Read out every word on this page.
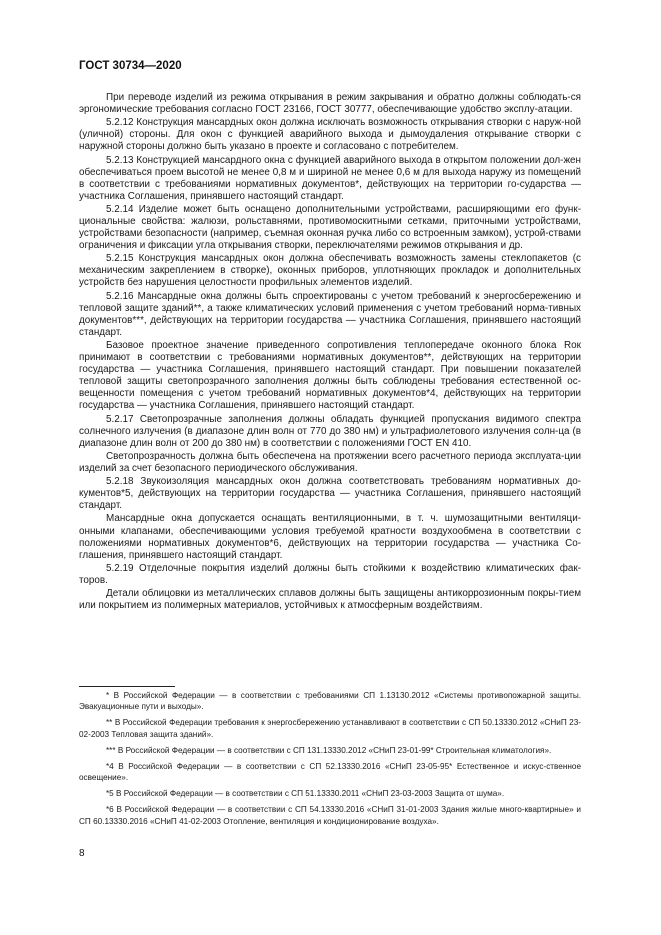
ГОСТ 30734—2020

При переводе изделий из режима открывания в режим закрывания и обратно должны соблюдать-ся эргономические требования согласно ГОСТ 23166, ГОСТ 30777, обеспечивающие удобство эксплу-атации.

5.2.12 Конструкция мансардных окон должна исключать возможность открывания створки с наруж-ной (уличной) стороны. Для окон с функцией аварийного выхода и дымоудаления открывание створки с наружной стороны должно быть указано в проекте и согласовано с потребителем.

5.2.13 Конструкцией мансардного окна с функцией аварийного выхода в открытом положении дол-жен обеспечиваться проем высотой не менее 0,8 м и шириной не менее 0,6 м для выхода наружу из помещений в соответствии с требованиями нормативных документов*, действующих на территории го-сударства — участника Соглашения, принявшего настоящий стандарт.

5.2.14 Изделие может быть оснащено дополнительными устройствами, расширяющими его функ-циональные свойства: жалюзи, рольставнями, противомоскитными сетками, приточными устройствами, устройствами безопасности (например, съемная оконная ручка либо со встроенным замком), устрой-ствами ограничения и фиксации угла открывания створки, переключателями режимов открывания и др.

5.2.15 Конструкция мансардных окон должна обеспечивать возможность замены стеклопакетов (с механическим закреплением в створке), оконных приборов, уплотняющих прокладок и дополнительных устройств без нарушения целостности профильных элементов изделий.

5.2.16 Мансардные окна должны быть спроектированы с учетом требований к энергосбережению и тепловой защите зданий**, а также климатических условий применения с учетом требований норма-тивных документов***, действующих на территории государства — участника Соглашения, принявшего настоящий стандарт.

Базовое проектное значение приведенного сопротивления теплопередаче оконного блока Rок принимают в соответствии с требованиями нормативных документов**, действующих на территории государства — участника Соглашения, принявшего настоящий стандарт. При повышении показателей тепловой защиты светопрозрачного заполнения должны быть соблюдены требования естественной ос-вещенности помещения с учетом требований нормативных документов*4, действующих на территории государства — участника Соглашения, принявшего настоящий стандарт.

5.2.17 Светопрозрачные заполнения должны обладать функцией пропускания видимого спектра солнечного излучения (в диапазоне длин волн от 770 до 380 нм) и ультрафиолетового излучения солн-ца (в диапазоне длин волн от 200 до 380 нм) в соответствии с положениями ГОСТ EN 410.

Светопрозрачность должна быть обеспечена на протяжении всего расчетного периода эксплуата-ции изделий за счет безопасного периодического обслуживания.

5.2.18 Звукоизоляция мансардных окон должна соответствовать требованиям нормативных до-кументов*5, действующих на территории государства — участника Соглашения, принявшего настоящий стандарт.

Мансардные окна допускается оснащать вентиляционными, в т. ч. шумозащитными вентиляци-онными клапанами, обеспечивающими условия требуемой кратности воздухообмена в соответствии с положениями нормативных документов*6, действующих на территории государства — участника Со-глашения, принявшего настоящий стандарт.

5.2.19 Отделочные покрытия изделий должны быть стойкими к воздействию климатических фак-торов.

Детали облицовки из металлических сплавов должны быть защищены антикоррозионным покры-тием или покрытием из полимерных материалов, устойчивых к атмосферным воздействиям.

* В Российской Федерации — в соответствии с требованиями СП 1.13130.2012 «Системы противопожарной защиты. Эвакуационные пути и выходы».

** В Российской Федерации требования к энергосбережению устанавливают в соответствии с СП 50.13330.2012 «СНиП 23-02-2003 Тепловая защита зданий».

*** В Российской Федерации — в соответствии с СП 131.13330.2012 «СНиП 23-01-99* Строительная климатология».

*4 В Российской Федерации — в соответствии с СП 52.13330.2016 «СНиП 23-05-95* Естественное и искус-ственное освещение».

*5 В Российской Федерации — в соответствии с СП 51.13330.2011 «СНиП 23-03-2003 Защита от шума».

*6 В Российской Федерации — в соответствии с СП 54.13330.2016 «СНиП 31-01-2003 Здания жилые много-квартирные» и СП 60.13330.2016 «СНиП 41-02-2003 Отопление, вентиляция и кондиционирование воздуха».

8
